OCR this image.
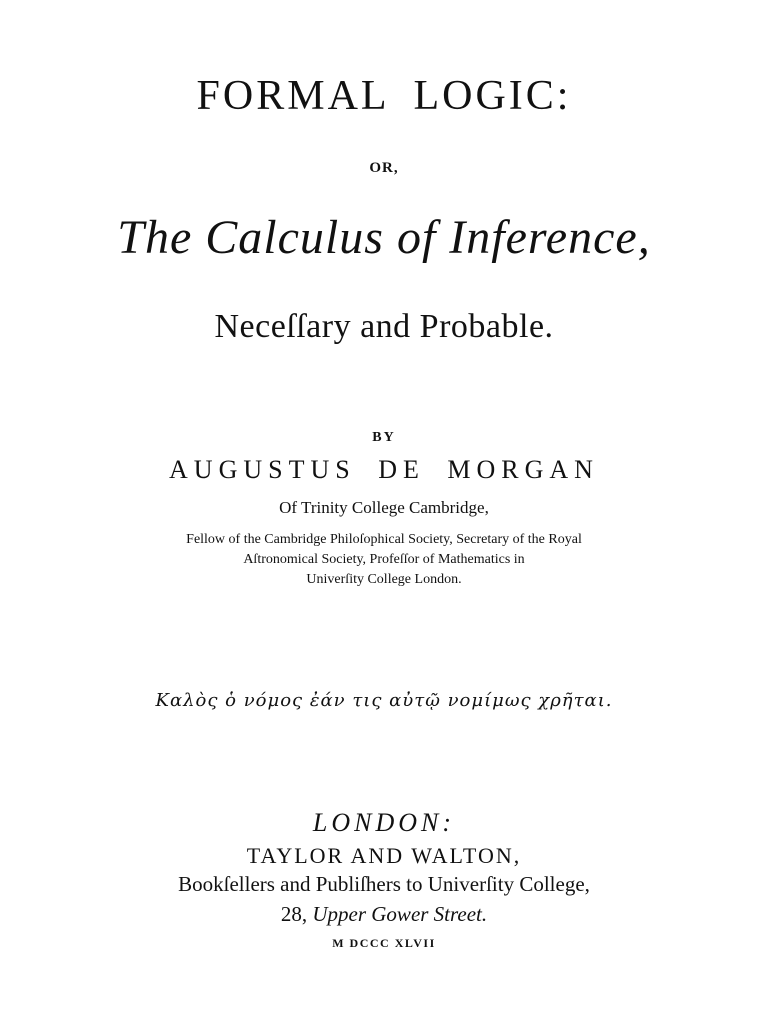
FORMAL LOGIC:
OR,
The Calculus of Inference,
Neceſſary and Probable.
BY
AUGUSTUS DE MORGAN
Of Trinity College Cambridge,
Fellow of the Cambridge Philoſophical Society, Secretary of the Royal
Aſtronomical Society, Profeſſor of Mathematics in
Univerſity College London.
Καλὸς ὁ νόμος ἐάν τις αὐτῷ νομίμως χρῆται.
LONDON:
TAYLOR AND WALTON,
Bookſellers and Publiſhers to Univerſity College,
28, Upper Gower Street.
M DCCC XLVII
